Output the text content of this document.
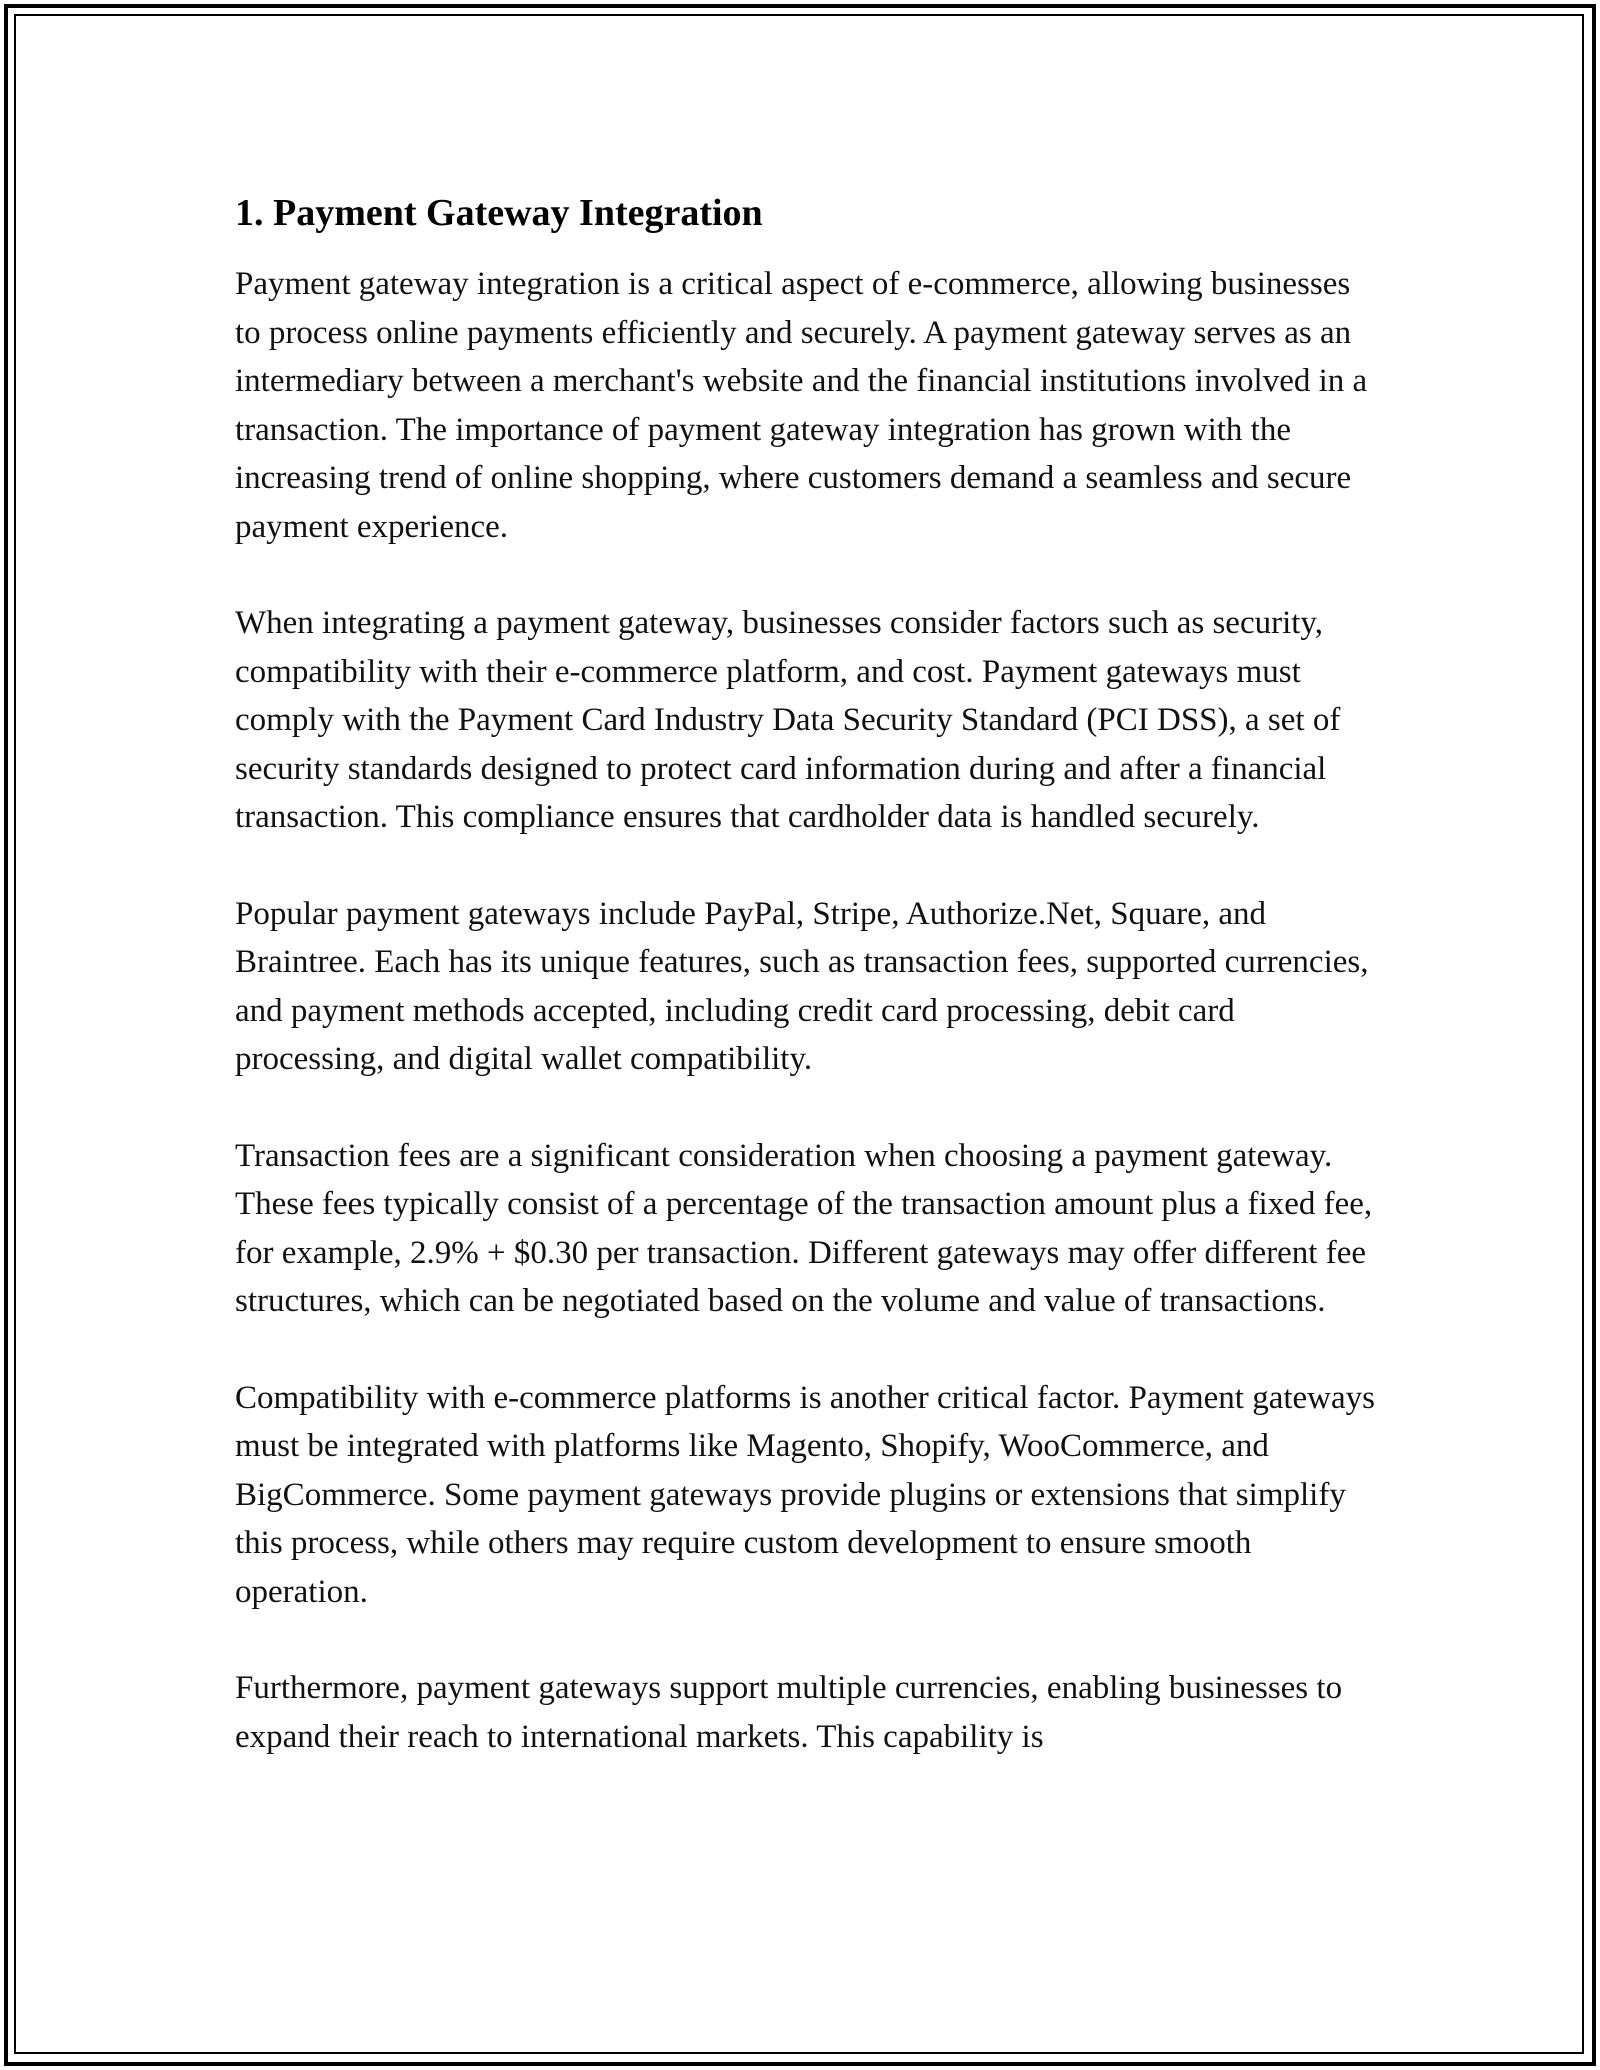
1. Payment Gateway Integration

Payment gateway integration is a critical aspect of e-commerce, allowing businesses to process online payments efficiently and securely. A payment gateway serves as an intermediary between a merchant's website and the financial institutions involved in a transaction. The importance of payment gateway integration has grown with the increasing trend of online shopping, where customers demand a seamless and secure payment experience.

When integrating a payment gateway, businesses consider factors such as security, compatibility with their e-commerce platform, and cost. Payment gateways must comply with the Payment Card Industry Data Security Standard (PCI DSS), a set of security standards designed to protect card information during and after a financial transaction. This compliance ensures that cardholder data is handled securely.

Popular payment gateways include PayPal, Stripe, Authorize.Net, Square, and Braintree. Each has its unique features, such as transaction fees, supported currencies, and payment methods accepted, including credit card processing, debit card processing, and digital wallet compatibility.

Transaction fees are a significant consideration when choosing a payment gateway. These fees typically consist of a percentage of the transaction amount plus a fixed fee, for example, 2.9% + $0.30 per transaction. Different gateways may offer different fee structures, which can be negotiated based on the volume and value of transactions.

Compatibility with e-commerce platforms is another critical factor. Payment gateways must be integrated with platforms like Magento, Shopify, WooCommerce, and BigCommerce. Some payment gateways provide plugins or extensions that simplify this process, while others may require custom development to ensure smooth operation.

Furthermore, payment gateways support multiple currencies, enabling businesses to expand their reach to international markets. This capability is
